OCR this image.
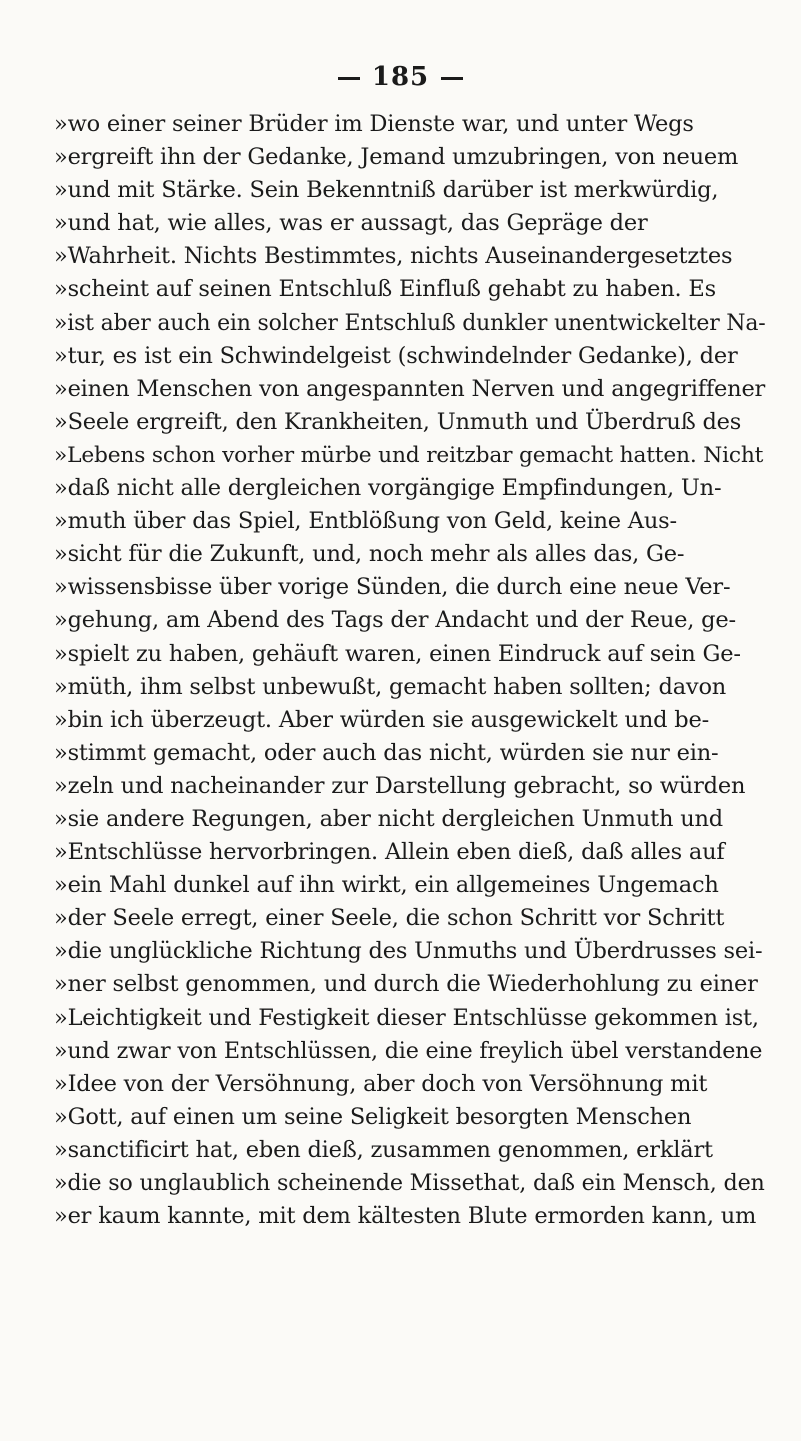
185
»wo einer seiner Brüder im Dienste war, und unter Wegs
»ergreift ihn der Gedanke, Jemand umzubringen, von neuem
»und mit Stärke. Sein Bekenntniß darüber ist merkwürdig,
»und hat, wie alles, was er aussagt, das Gepräge der
»Wahrheit. Nichts Bestimmtes, nichts Auseinandergesetztes
»scheint auf seinen Entschluß Einfluß gehabt zu haben. Es
»ist aber auch ein solcher Entschluß dunkler unentwickelter Na-
»tur, es ist ein Schwindelgeist (schwindelnder Gedanke), der
»einen Menschen von angespannten Nerven und angegriffener
»Seele ergreift, den Krankheiten, Unmuth und Überdruß des
»Lebens schon vorher mürbe und reitzbar gemacht hatten. Nicht
»daß nicht alle dergleichen vorgängige Empfindungen, Un-
»muth über das Spiel, Entblößung von Geld, keine Aus-
»sicht für die Zukunft, und, noch mehr als alles das, Ge-
»wissensbisse über vorige Sünden, die durch eine neue Ver-
»gehung, am Abend des Tags der Andacht und der Reue, ge-
»spielt zu haben, gehäuft waren, einen Eindruck auf sein Ge-
»müth, ihm selbst unbewußt, gemacht haben sollten; davon
»bin ich überzeugt. Aber würden sie ausgewickelt und be-
»stimmt gemacht, oder auch das nicht, würden sie nur ein-
»zeln und nacheinander zur Darstellung gebracht, so würden
»sie andere Regungen, aber nicht dergleichen Unmuth und
»Entschlüsse hervorbringen. Allein eben dieß, daß alles auf
»ein Mahl dunkel auf ihn wirkt, ein allgemeines Ungemach
»der Seele erregt, einer Seele, die schon Schritt vor Schritt
»die unglückliche Richtung des Unmuths und Überdrusses sei-
»ner selbst genommen, und durch die Wiederhohlung zu einer
»Leichtigkeit und Festigkeit dieser Entschlüsse gekommen ist,
»und zwar von Entschlüssen, die eine freylich übel verstandene
»Idee von der Versöhnung, aber doch von Versöhnung mit
»Gott, auf einen um seine Seligkeit besorgten Menschen
»sanctificirt hat, eben dieß, zusammen genommen, erklärt
»die so unglaublich scheinende Missethat, daß ein Mensch, den
»er kaum kannte, mit dem kältesten Blute ermorden kann, um
